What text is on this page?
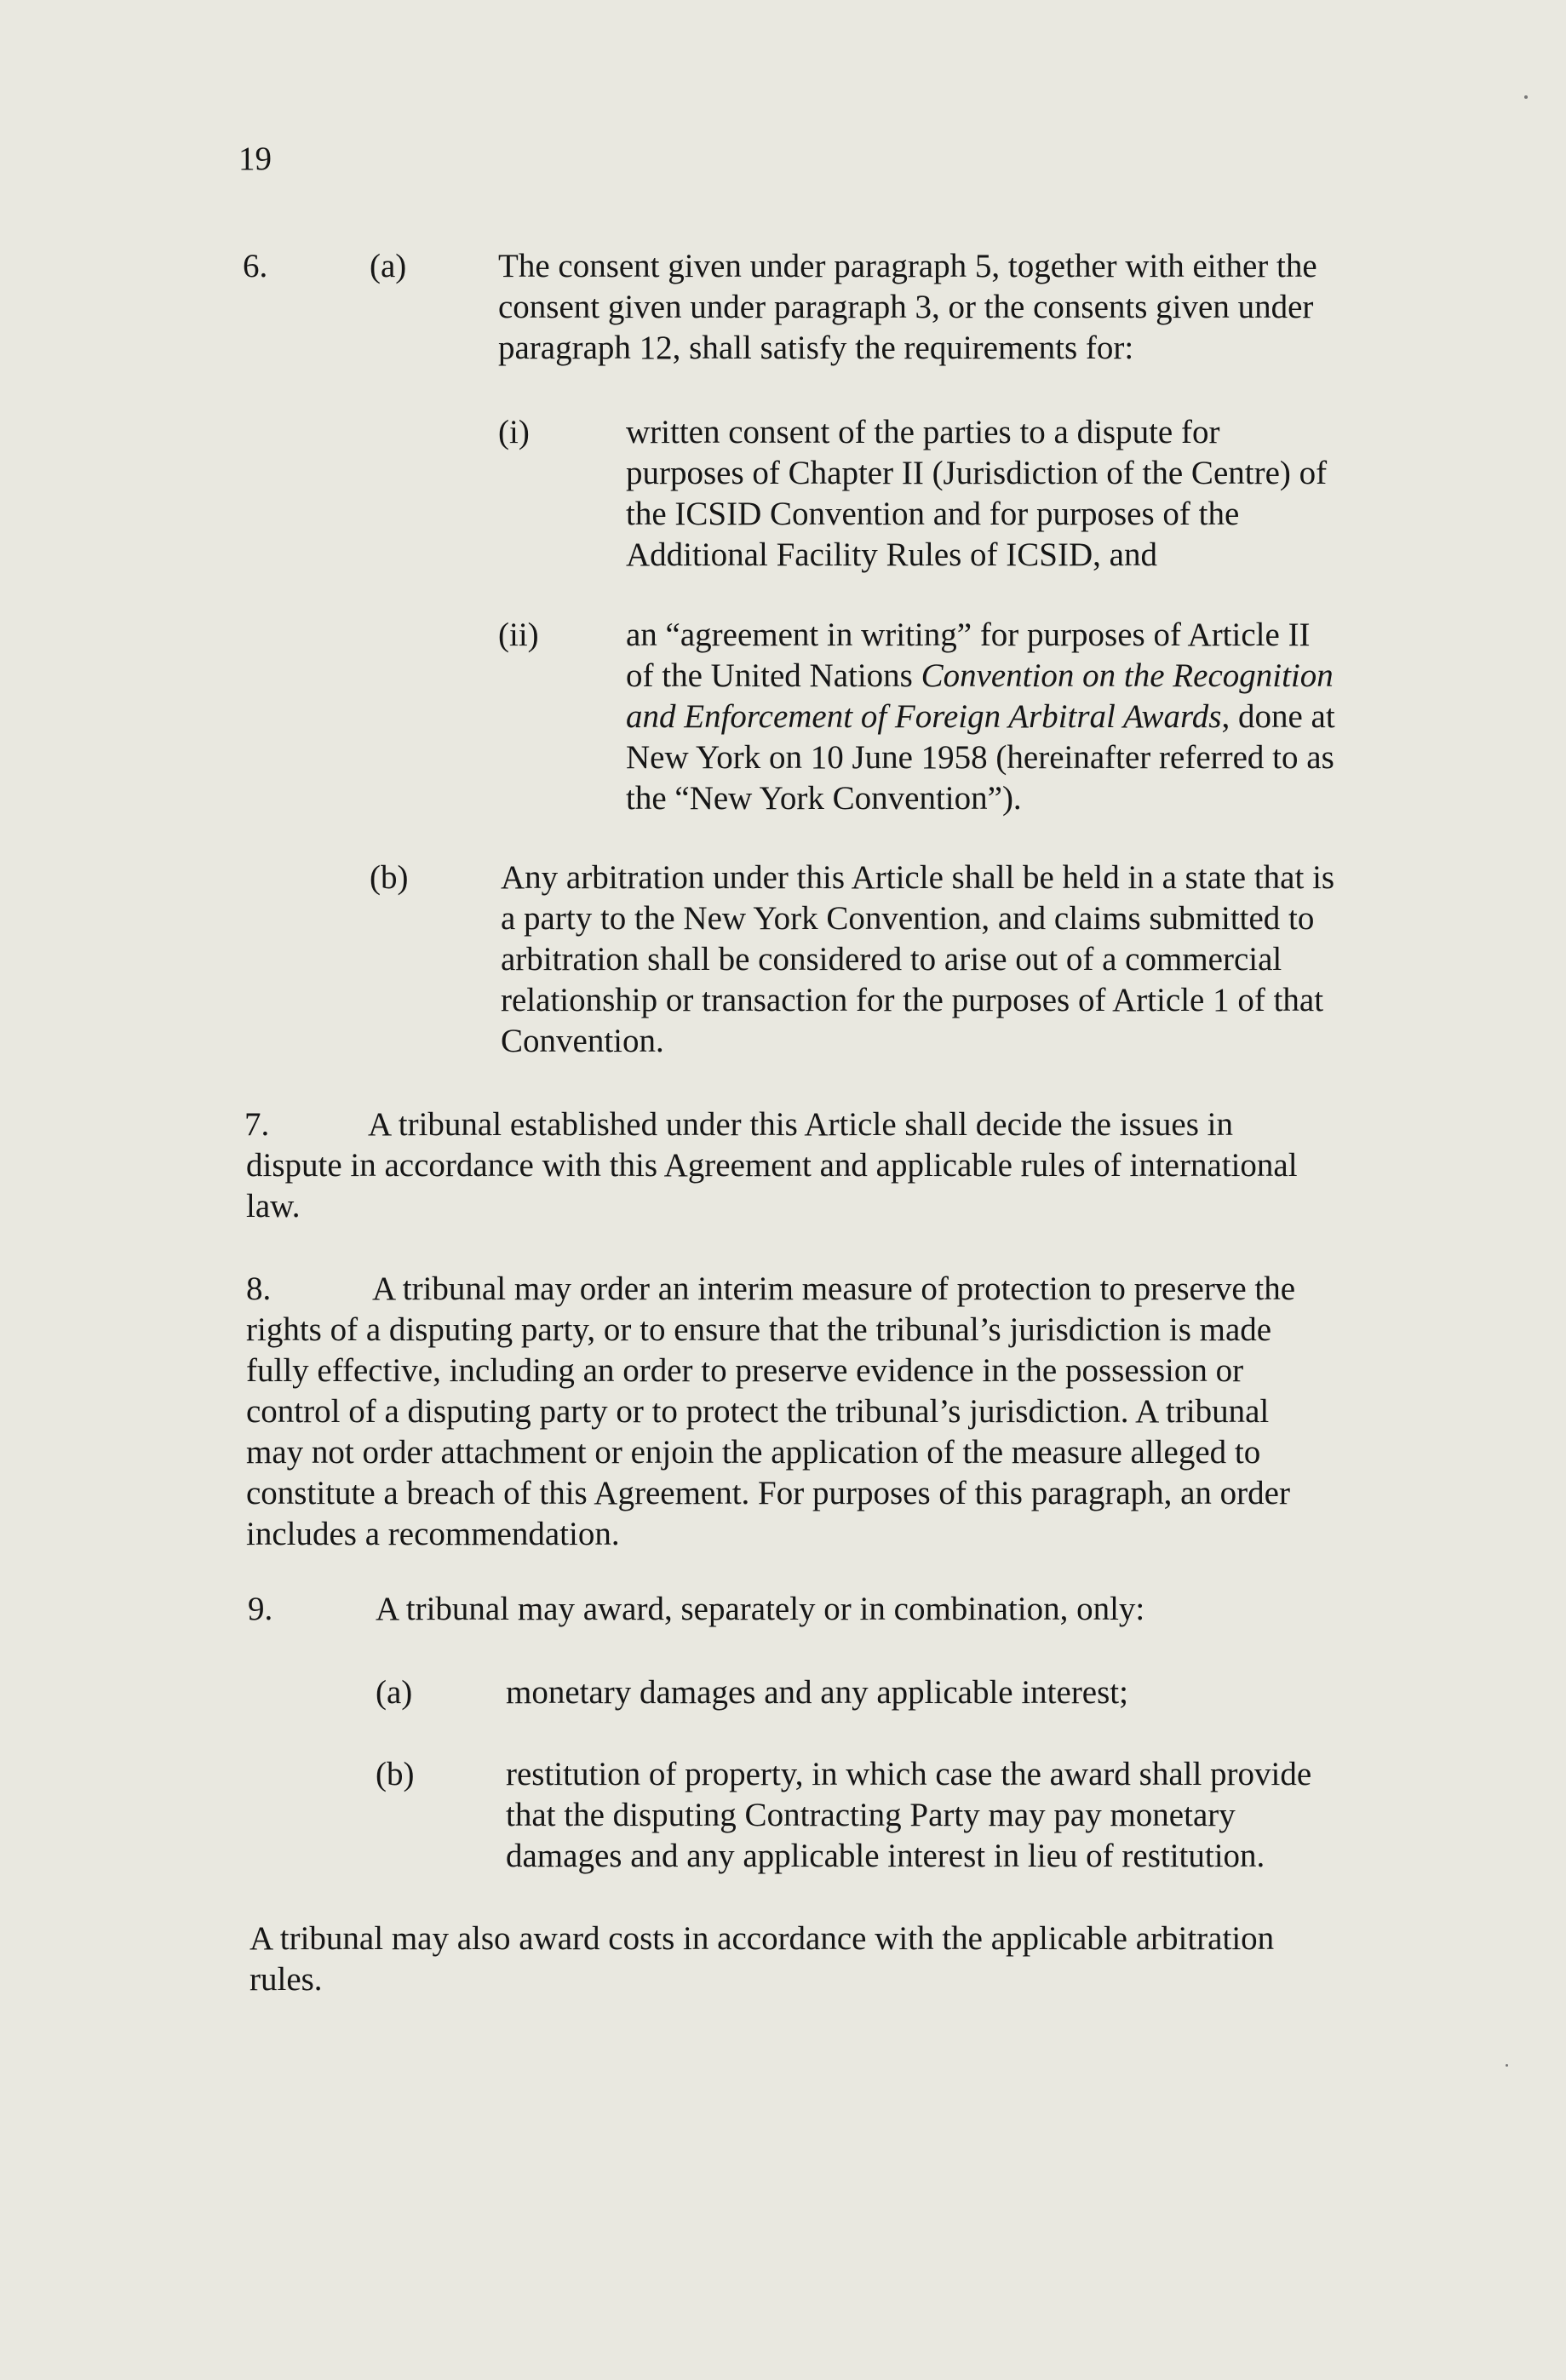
19
6.	(a)	The consent given under paragraph 5, together with either the
consent given under paragraph 3, or the consents given under
paragraph 12, shall satisfy the requirements for:
(i)	written consent of the parties to a dispute for
purposes of Chapter II (Jurisdiction of the Centre) of
the ICSID Convention and for purposes of the
Additional Facility Rules of ICSID, and
(ii)	an “agreement in writing” for purposes of Article II
of the United Nations Convention on the Recognition
and Enforcement of Foreign Arbitral Awards, done at
New York on 10 June 1958 (hereinafter referred to as
the “New York Convention”).
(b)	Any arbitration under this Article shall be held in a state that is
a party to the New York Convention, and claims submitted to
arbitration shall be considered to arise out of a commercial
relationship or transaction for the purposes of Article 1 of that
Convention.
7.	A tribunal established under this Article shall decide the issues in
dispute in accordance with this Agreement and applicable rules of international
law.
8.	A tribunal may order an interim measure of protection to preserve the
rights of a disputing party, or to ensure that the tribunal’s jurisdiction is made
fully effective, including an order to preserve evidence in the possession or
control of a disputing party or to protect the tribunal’s jurisdiction. A tribunal
may not order attachment or enjoin the application of the measure alleged to
constitute a breach of this Agreement. For purposes of this paragraph, an order
includes a recommendation.
9.	A tribunal may award, separately or in combination, only:
(a)	monetary damages and any applicable interest;
(b)	restitution of property, in which case the award shall provide
that the disputing Contracting Party may pay monetary
damages and any applicable interest in lieu of restitution.
A tribunal may also award costs in accordance with the applicable arbitration
rules.
